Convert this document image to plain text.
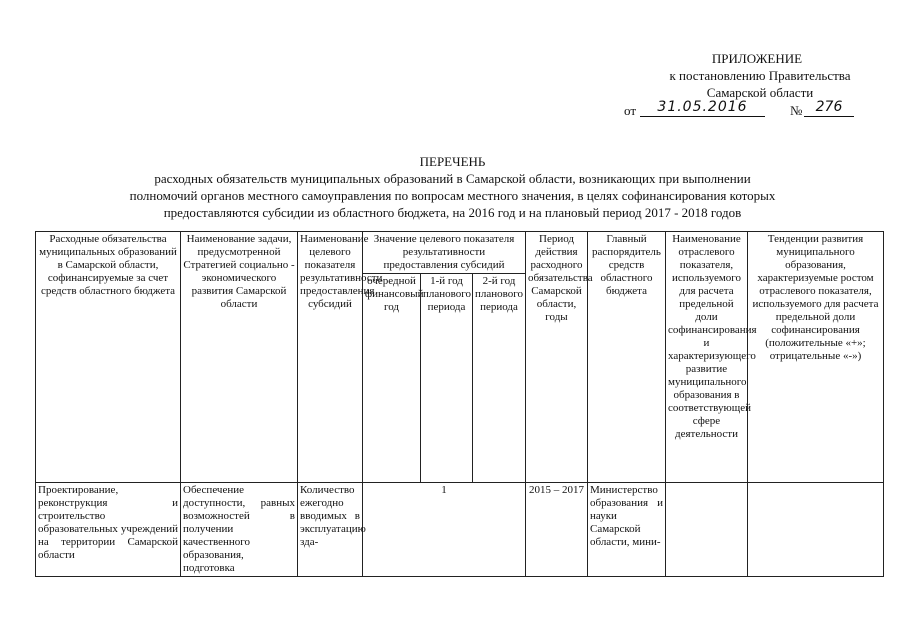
ПРИЛОЖЕНИЕ
к постановлению Правительства
Самарской области
от	31.05.2016	№ 276
ПЕРЕЧЕНЬ
расходных обязательств муниципальных образований в Самарской области, возникающих при выполнении
полномочий органов местного самоуправления по вопросам местного значения, в целях софинансирования которых
предоставляются субсидии из областного бюджета, на 2016 год и на плановый период 2017 - 2018 годов
Расходные обязательства муниципальных образований в Самарской области, софинансируемые за счет средств областного бюджета	Наименование задачи, предусмотренной Стратегией социально - экономического развития Самарской области	Наименование целевого показателя результативности предоставления субсидий	Значение целевого показателя результативности предоставления субсидий			Период действия расходного обязательства Самарской области, годы	Главный распорядитель средств областного бюджета	Наименование отраслевого показателя, используемого для расчета предельной доли софинансирования и характеризующего развитие муниципального образования в соответствующей сфере деятельности	Тенденции развития муниципального образования, характеризуемые ростом отраслевого показателя, используемого для расчета предельной доли софинансирования (положительные «+»; отрицательные «-»)
			очередной финансовый год	1-й год планового периода	2-й год планового периода				
Проектирование, реконструкция и строительство образовательных учреждений на территории Самарской области	Обеспечение доступности, равных возможностей в получении качественного образования, подготовка	Количество ежегодно вводимых в эксплуатацию зда-	1			2015 – 2017	Министерство образования и науки Самарской области, мини-		
